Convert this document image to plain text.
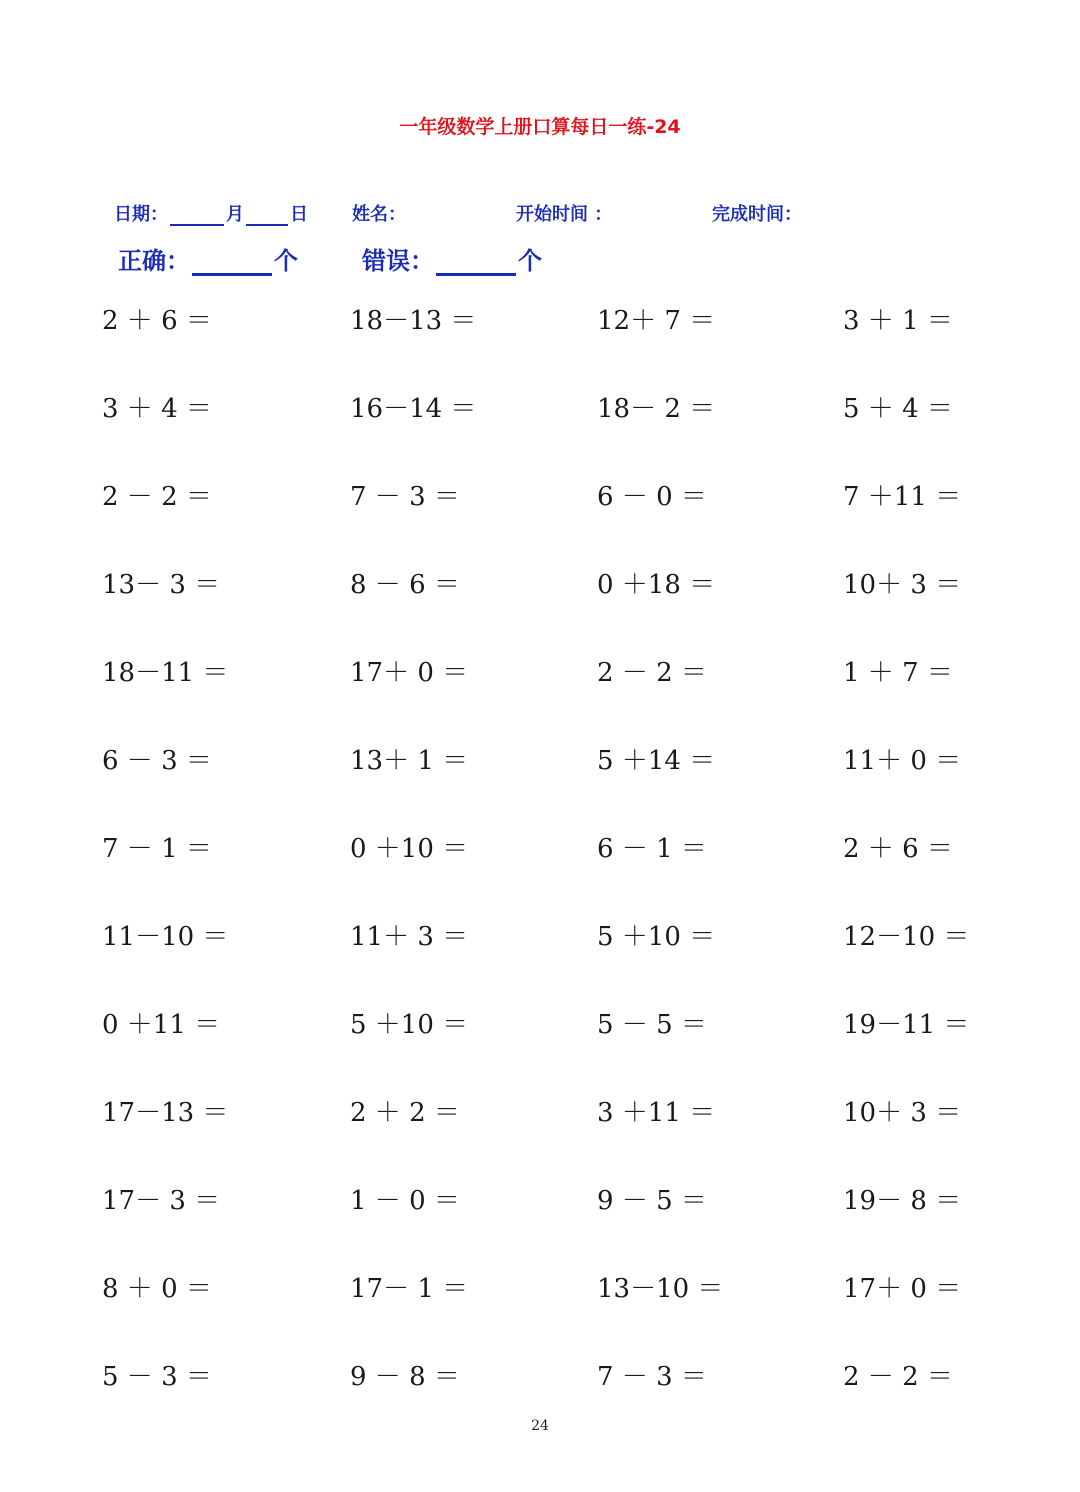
一年级数学上册口算每日一练-24
日期：	月	日 姓名：	开始时间 ：	完成时间：
正确：	个	错误：	个
2 ＋ 6 ＝	18－13 ＝	12＋ 7 ＝	3 ＋ 1 ＝
3 ＋ 4 ＝	16－14 ＝	18－ 2 ＝	5 ＋ 4 ＝
2 － 2 ＝	7 － 3 ＝	6 － 0 ＝	7 ＋11 ＝
13－ 3 ＝	8 － 6 ＝	0 ＋18 ＝	10＋ 3 ＝
18－11 ＝	17＋ 0 ＝	2 － 2 ＝	1 ＋ 7 ＝
6 － 3 ＝	13＋ 1 ＝	5 ＋14 ＝	11＋ 0 ＝
7 － 1 ＝	0 ＋10 ＝	6 － 1 ＝	2 ＋ 6 ＝
11－10 ＝	11＋ 3 ＝	5 ＋10 ＝	12－10 ＝
0 ＋11 ＝	5 ＋10 ＝	5 － 5 ＝	19－11 ＝
17－13 ＝	2 ＋ 2 ＝	3 ＋11 ＝	10＋ 3 ＝
17－ 3 ＝	1 － 0 ＝	9 － 5 ＝	19－ 8 ＝
8 ＋ 0 ＝	17－ 1 ＝	13－10 ＝	17＋ 0 ＝
5 － 3 ＝	9 － 8 ＝	7 － 3 ＝	2 － 2 ＝
24
